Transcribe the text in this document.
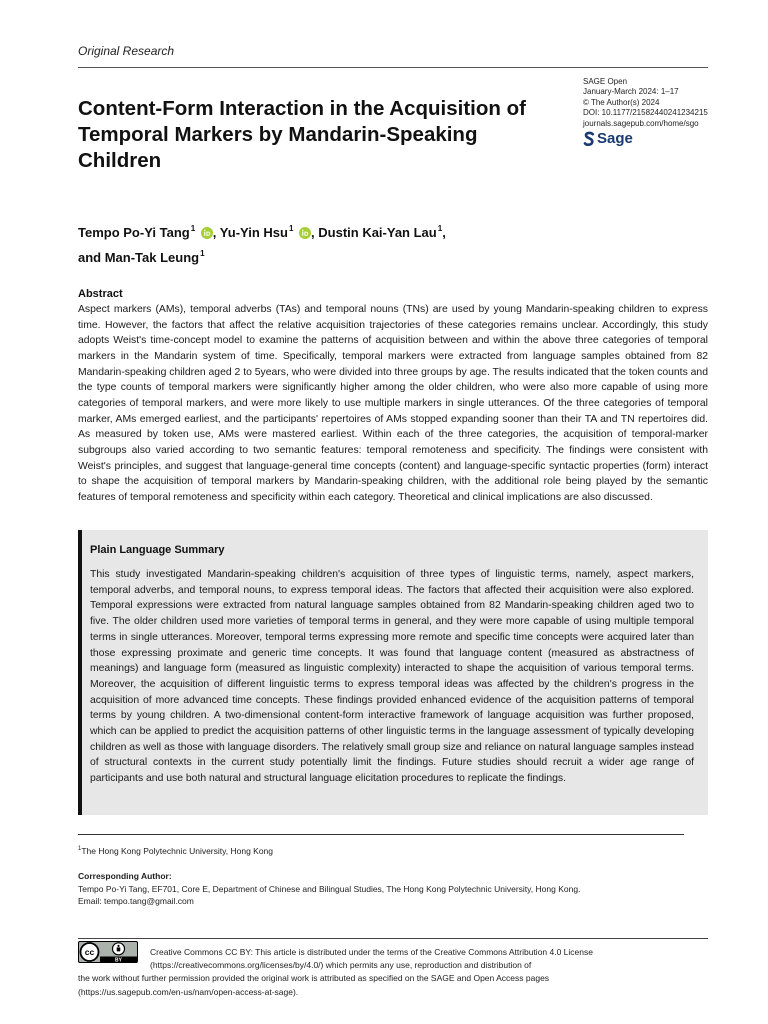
Original Research
SAGE Open
January-March 2024: 1–17
© The Author(s) 2024
DOI: 10.1177/21582440241234215
journals.sagepub.com/home/sgo
Sage
Content-Form Interaction in the Acquisition of Temporal Markers by Mandarin-Speaking Children
Tempo Po-Yi Tang$^1$ , Yu-Yin Hsu$^1$ , Dustin Kai-Yan Lau$^1$,
and Man-Tak Leung$^1$
Abstract
Aspect markers (AMs), temporal adverbs (TAs) and temporal nouns (TNs) are used by young Mandarin-speaking children to express time. However, the factors that affect the relative acquisition trajectories of these categories remains unclear. Accordingly, this study adopts Weist's time-concept model to examine the patterns of acquisition between and within the above three categories of temporal markers in the Mandarin system of time. Specifically, temporal markers were extracted from language samples obtained from 82 Mandarin-speaking children aged 2 to 5years, who were divided into three groups by age. The results indicated that the token counts and the type counts of temporal markers were significantly higher among the older children, who were also more capable of using more categories of temporal markers, and were more likely to use multiple markers in single utterances. Of the three categories of temporal marker, AMs emerged earliest, and the participants' repertoires of AMs stopped expanding sooner than their TA and TN repertoires did. As measured by token use, AMs were mastered earliest. Within each of the three categories, the acquisition of temporal-marker subgroups also varied according to two semantic features: temporal remoteness and specificity. The findings were consistent with Weist's principles, and suggest that language-general time concepts (content) and language-specific syntactic properties (form) interact to shape the acquisition of temporal markers by Mandarin-speaking children, with the additional role being played by the semantic features of temporal remoteness and specificity within each category. Theoretical and clinical implications are also discussed.
Plain Language Summary
This study investigated Mandarin-speaking children's acquisition of three types of linguistic terms, namely, aspect markers, temporal adverbs, and temporal nouns, to express temporal ideas. The factors that affected their acquisition were also explored. Temporal expressions were extracted from natural language samples obtained from 82 Mandarin-speaking children aged two to five. The older children used more varieties of temporal terms in general, and they were more capable of using multiple temporal terms in single utterances. Moreover, temporal terms expressing more remote and specific time concepts were acquired later than those expressing proximate and generic time concepts. It was found that language content (measured as abstractness of meanings) and language form (measured as linguistic complexity) interacted to shape the acquisition of various temporal terms. Moreover, the acquisition of different linguistic terms to express temporal ideas was affected by the children's progress in the acquisition of more advanced time concepts. These findings provided enhanced evidence of the acquisition patterns of temporal terms by young children. A two-dimensional content-form interactive framework of language acquisition was further proposed, which can be applied to predict the acquisition patterns of other linguistic terms in the language assessment of typically developing children as well as those with language disorders. The relatively small group size and reliance on natural language samples instead of structural contexts in the current study potentially limit the findings. Future studies should recruit a wider age range of participants and use both natural and structural language elicitation procedures to replicate the findings.
$^1$The Hong Kong Polytechnic University, Hong Kong
Corresponding Author:
Tempo Po-Yi Tang, EF701, Core E, Department of Chinese and Bilingual Studies, The Hong Kong Polytechnic University, Hong Kong.
Email: tempo.tang@gmail.com
cc
BY
Creative Commons CC BY: This article is distributed under the terms of the Creative Commons Attribution 4.0 License
(https://creativecommons.org/licenses/by/4.0/) which permits any use, reproduction and distribution of
the work without further permission provided the original work is attributed as specified on the SAGE and Open Access pages
(https://us.sagepub.com/en-us/nam/open-access-at-sage).
